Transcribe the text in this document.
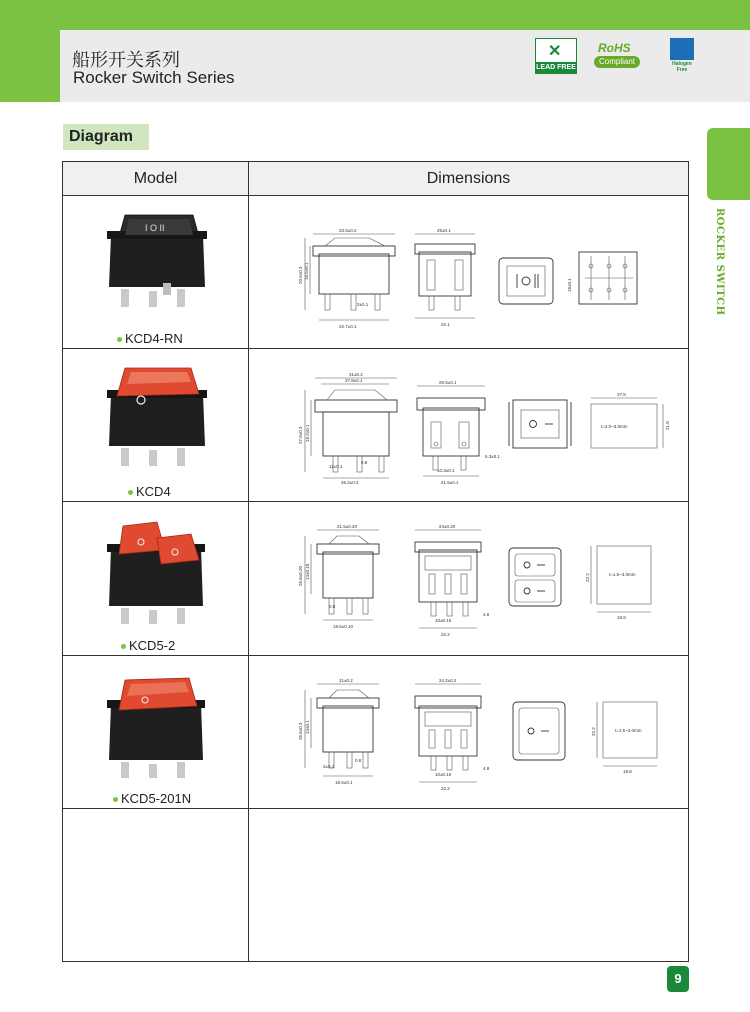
船形开关系列
Rocker Switch Series
✕
LEAD FREE
RoHS
Compliant	Halogen Free
ROCKER SWITCH
Diagram
Model	Dimensions
I O II
KCD4-RN
KCD4
KCD5-2
KCD5-201N
33.5±0.2
20.6±0.3 16.5±0.1
2±0.1
22.7±0.1
25±0.1
22.1
18±0.1
31±0.2
27.8±0.1
27.6±0.3 18.2±0.1
11±0.1
0.8
26.2±0.2
26.5±0.1
10.3±0.1
6.3±0.1
21.5±0.1
27.8
21.8
t=2.0~3.0mm
21.5±0.20
26.6±0.20 14±0.10
0.8
18.5±0.10
24±0.20
10±0.10
4.8
22.2
22.2
19.8
t=1.5~3.0mm
21±0.2
26.6±0.3 14±0.1
0.8
2±0.1
18.5±0.1
24.2±0.2
10±0.10
4.8
22.2
22.2
19.8
t=1.5~3.0mm
9
